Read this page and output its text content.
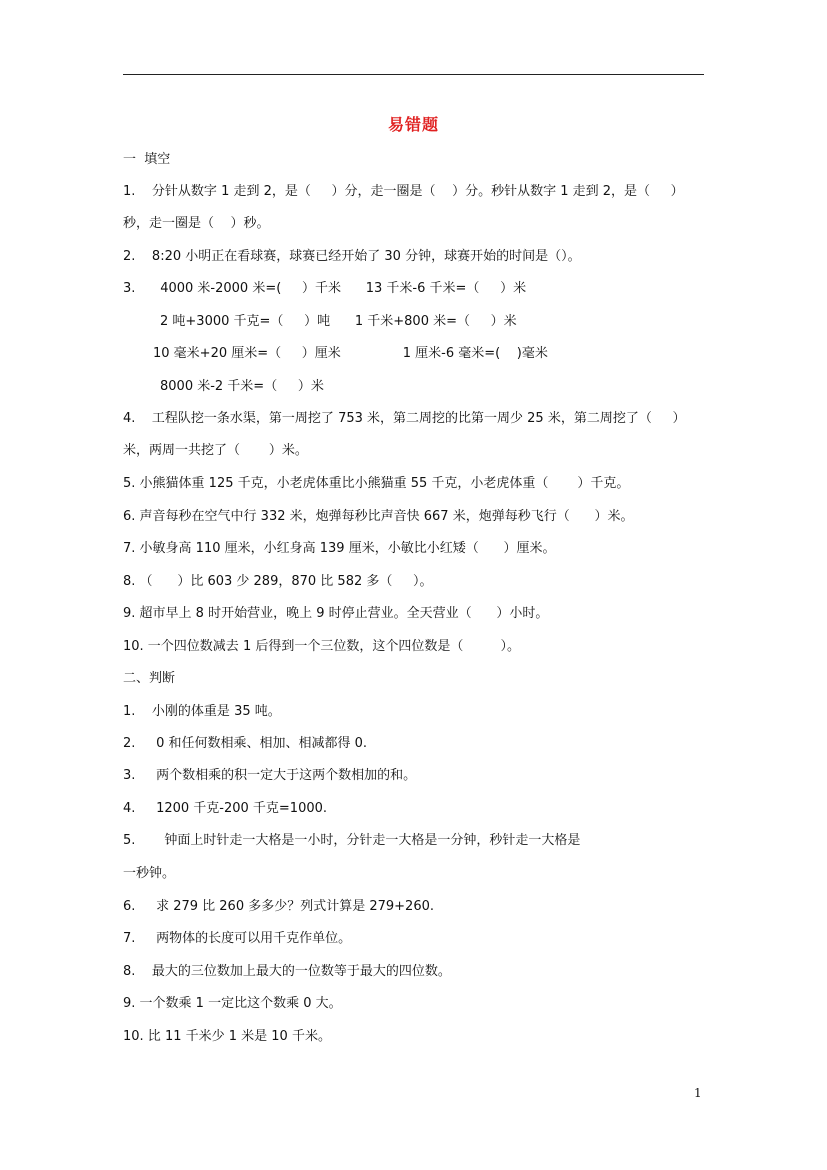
易错题
一  填空
1.    分针从数字 1 走到 2，是（     ）分，走一圈是（    ）分。秒针从数字 1 走到 2，是（     ）
秒，走一圈是（    ）秒。
2.    8:20 小明正在看球赛，球赛已经开始了 30 分钟，球赛开始的时间是（）。
3.      4000 米-2000 米=(     ）千米      13 千米-6 千米=（     ）米
2 吨+3000 千克=（     ）吨      1 千米+800 米=（     ）米
10 毫米+20 厘米=（     ）厘米               1 厘米-6 毫米=(    )毫米
8000 米-2 千米=（     ）米
4.    工程队挖一条水渠，第一周挖了 753 米，第二周挖的比第一周少 25 米，第二周挖了（     ）
米，两周一共挖了（       ）米。
5. 小熊猫体重 125 千克，小老虎体重比小熊猫重 55 千克，小老虎体重（       ）千克。
6. 声音每秒在空气中行 332 米，炮弹每秒比声音快 667 米，炮弹每秒飞行（      ）米。
7. 小敏身高 110 厘米，小红身高 139 厘米，小敏比小红矮（      ）厘米。
8. （      ）比 603 少 289，870 比 582 多（     ）。
9. 超市早上 8 时开始营业，晚上 9 时停止营业。全天营业（      ）小时。
10. 一个四位数减去 1 后得到一个三位数，这个四位数是（         ）。
二、判断
1.    小刚的体重是 35 吨。
2.     0 和任何数相乘、相加、相减都得 0.
3.     两个数相乘的积一定大于这两个数相加的和。
4.     1200 千克-200 千克=1000.
5.       钟面上时针走一大格是一小时，分针走一大格是一分钟，秒针走一大格是
一秒钟。
6.     求 279 比 260 多多少？列式计算是 279+260.
7.     两物体的长度可以用千克作单位。
8.    最大的三位数加上最大的一位数等于最大的四位数。
9. 一个数乘 1 一定比这个数乘 0 大。
10. 比 11 千米少 1 米是 10 千米。
1
